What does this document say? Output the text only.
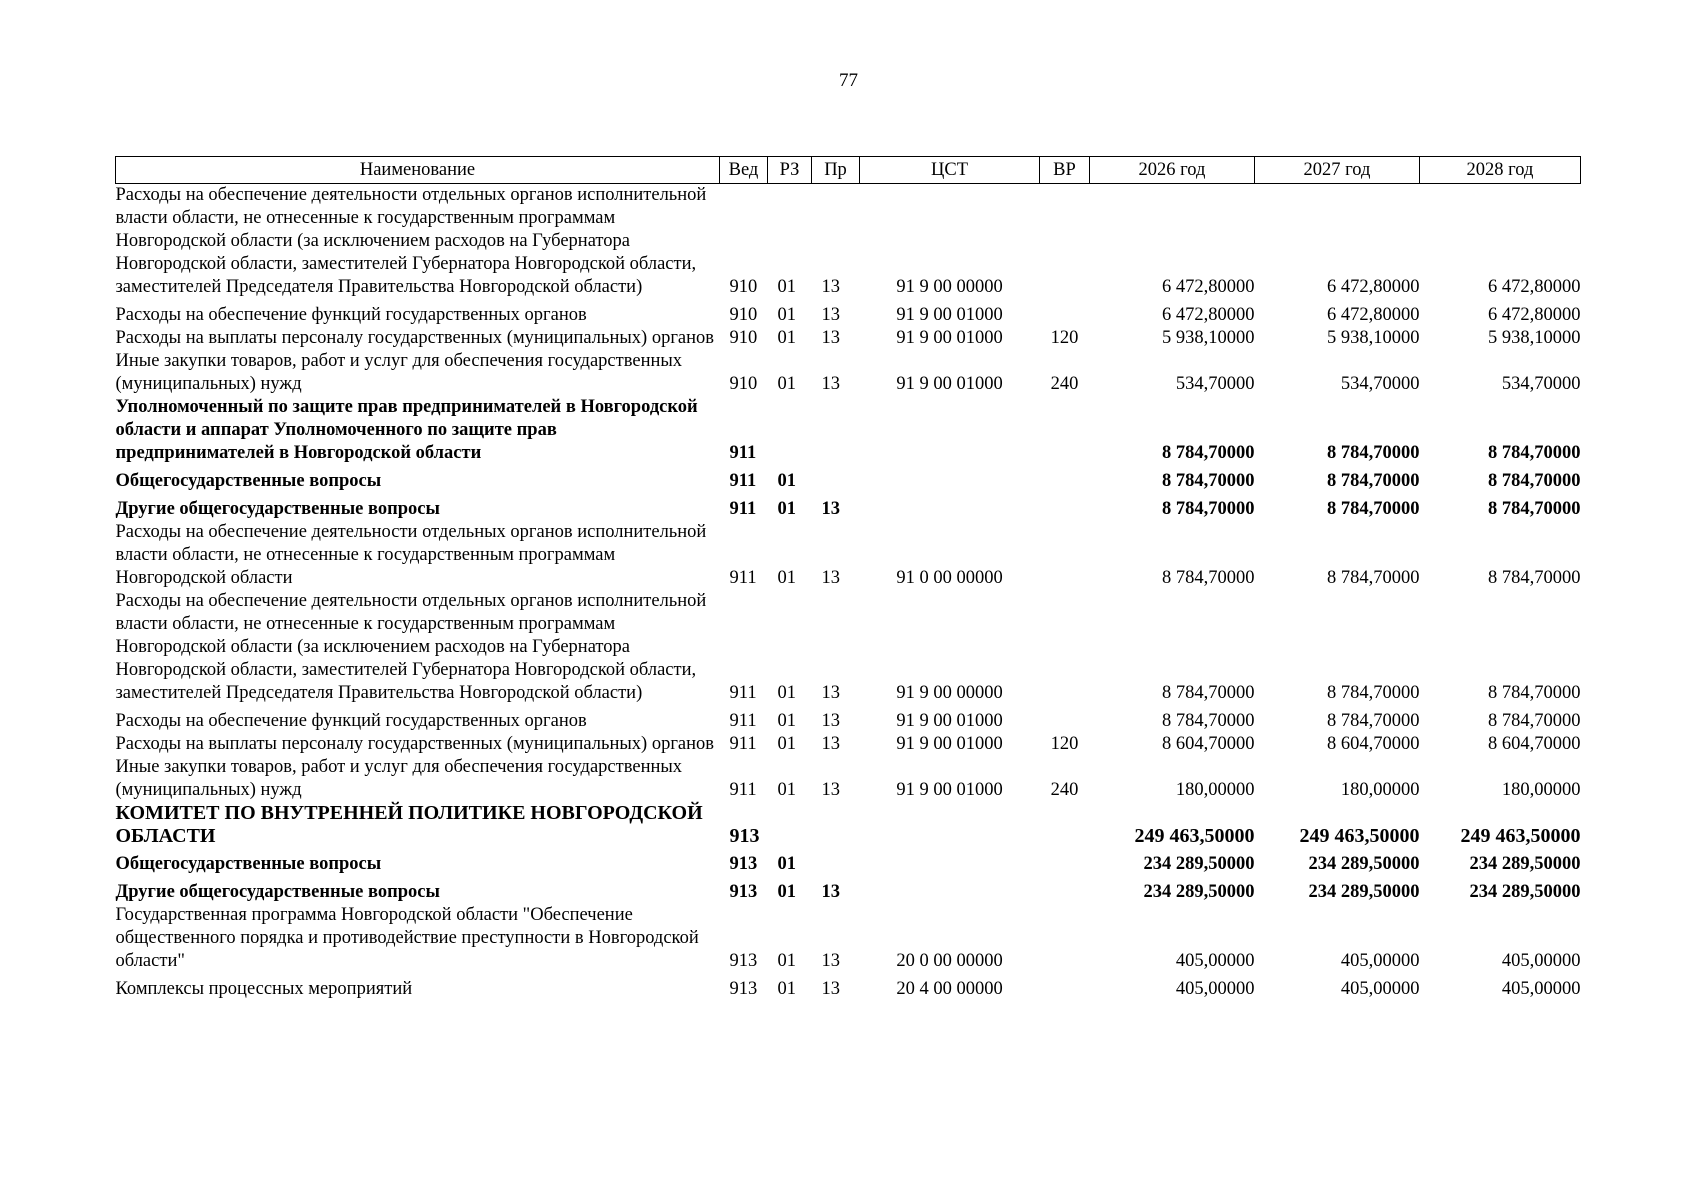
77
Наименование	Вед	РЗ	Пр	ЦСТ	ВР	2026 год	2027 год	2028 год
Расходы на обеспечение деятельности отдельных органов исполнительной власти области, не отнесенные к государственным программам Новгородской области (за исключением расходов на Губернатора Новгородской области, заместителей Губернатора Новгородской области, заместителей Председателя Правительства Новгородской области)	910	01	13	91 9 00 00000		6 472,80000	6 472,80000	6 472,80000
Расходы на обеспечение функций государственных органов	910	01	13	91 9 00 01000		6 472,80000	6 472,80000	6 472,80000
Расходы на выплаты персоналу государственных (муниципальных) органов	910	01	13	91 9 00 01000	120	5 938,10000	5 938,10000	5 938,10000
Иные закупки товаров, работ и услуг для обеспечения государственных (муниципальных) нужд	910	01	13	91 9 00 01000	240	534,70000	534,70000	534,70000
Уполномоченный по защите прав предпринимателей в Новгородской области и аппарат Уполномоченного по защите прав предпринимателей в Новгородской области	911					8 784,70000	8 784,70000	8 784,70000
Общегосударственные вопросы	911	01				8 784,70000	8 784,70000	8 784,70000
Другие общегосударственные вопросы	911	01	13			8 784,70000	8 784,70000	8 784,70000
Расходы на обеспечение деятельности отдельных органов исполнительной власти области, не отнесенные к государственным программам Новгородской области	911	01	13	91 0 00 00000		8 784,70000	8 784,70000	8 784,70000
Расходы на обеспечение деятельности отдельных органов исполнительной власти области, не отнесенные к государственным программам Новгородской области (за исключением расходов на Губернатора Новгородской области, заместителей Губернатора Новгородской области, заместителей Председателя Правительства Новгородской области)	911	01	13	91 9 00 00000		8 784,70000	8 784,70000	8 784,70000
Расходы на обеспечение функций государственных органов	911	01	13	91 9 00 01000		8 784,70000	8 784,70000	8 784,70000
Расходы на выплаты персоналу государственных (муниципальных) органов	911	01	13	91 9 00 01000	120	8 604,70000	8 604,70000	8 604,70000
Иные закупки товаров, работ и услуг для обеспечения государственных (муниципальных) нужд	911	01	13	91 9 00 01000	240	180,00000	180,00000	180,00000
КОМИТЕТ ПО ВНУТРЕННЕЙ ПОЛИТИКЕ НОВГОРОДСКОЙ ОБЛАСТИ	913					249 463,50000	249 463,50000	249 463,50000
Общегосударственные вопросы	913	01				234 289,50000	234 289,50000	234 289,50000
Другие общегосударственные вопросы	913	01	13			234 289,50000	234 289,50000	234 289,50000
Государственная программа Новгородской области "Обеспечение общественного порядка и противодействие преступности в Новгородской области"	913	01	13	20 0 00 00000		405,00000	405,00000	405,00000
Комплексы процессных мероприятий	913	01	13	20 4 00 00000		405,00000	405,00000	405,00000
